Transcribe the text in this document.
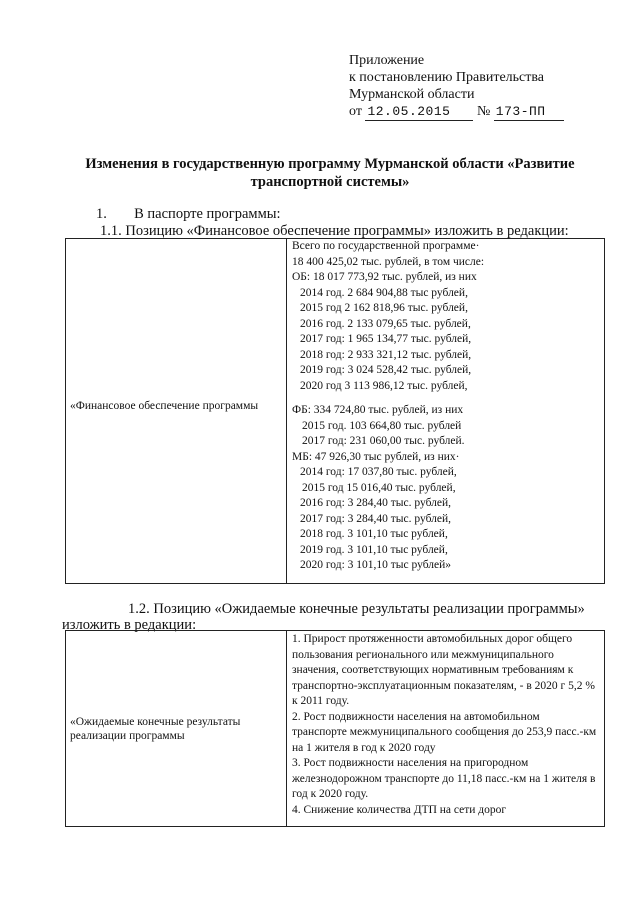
Приложение
к постановлению Правительства
Мурманской области
от 12.05.2015 № 173-ПП
Изменения в государственную программу Мурманской области «Развитие транспортной системы»
1. В паспорте программы:
1.1. Позицию «Финансовое обеспечение программы» изложить в редакции:
«Финансовое обеспечение программы
Всего по государственной программе·
18 400 425,02 тыс. рублей, в том числе:
ОБ: 18 017 773,92 тыс. рублей, из них
2014 год. 2 684 904,88 тыс рублей,
2015 год 2 162 818,96 тыс. рублей,
2016 год. 2 133 079,65 тыс. рублей,
2017 год: 1 965 134,77 тыс. рублей,
2018 год: 2 933 321,12 тыс. рублей,
2019 год: 3 024 528,42 тыс. рублей,
2020 год 3 113 986,12 тыс. рублей,
ФБ: 334 724,80 тыс. рублей, из них
2015 год. 103 664,80 тыс. рублей
2017 год: 231 060,00 тыс. рублей.
МБ: 47 926,30 тыс рублей, из них·
2014 год: 17 037,80 тыс. рублей,
2015 год 15 016,40 тыс. рублей,
2016 год: 3 284,40 тыс. рублей,
2017 год: 3 284,40 тыс. рублей,
2018 год. 3 101,10 тыс рублей,
2019 год. 3 101,10 тыс рублей,
2020 год: 3 101,10 тыс рублей»
1.2. Позицию «Ожидаемые конечные результаты реализации программы»
изложить в редакции:
«Ожидаемые конечные результаты реализации программы
1. Прирост протяженности автомобильных дорог общего пользования регионального или межмуниципального значения, соответствующих нормативным требованиям к транспортно-эксплуатационным показателям, - в 2020 г 5,2 % к 2011 году.
2. Рост подвижности населения на автомобильном транспорте межмуниципального сообщения до 253,9 пасс.-км на 1 жителя в год к 2020 году
3. Рост подвижности населения на пригородном железнодорожном транспорте до 11,18 пасс.-км на 1 жителя в год к 2020 году.
4. Снижение количества ДТП на сети дорог
